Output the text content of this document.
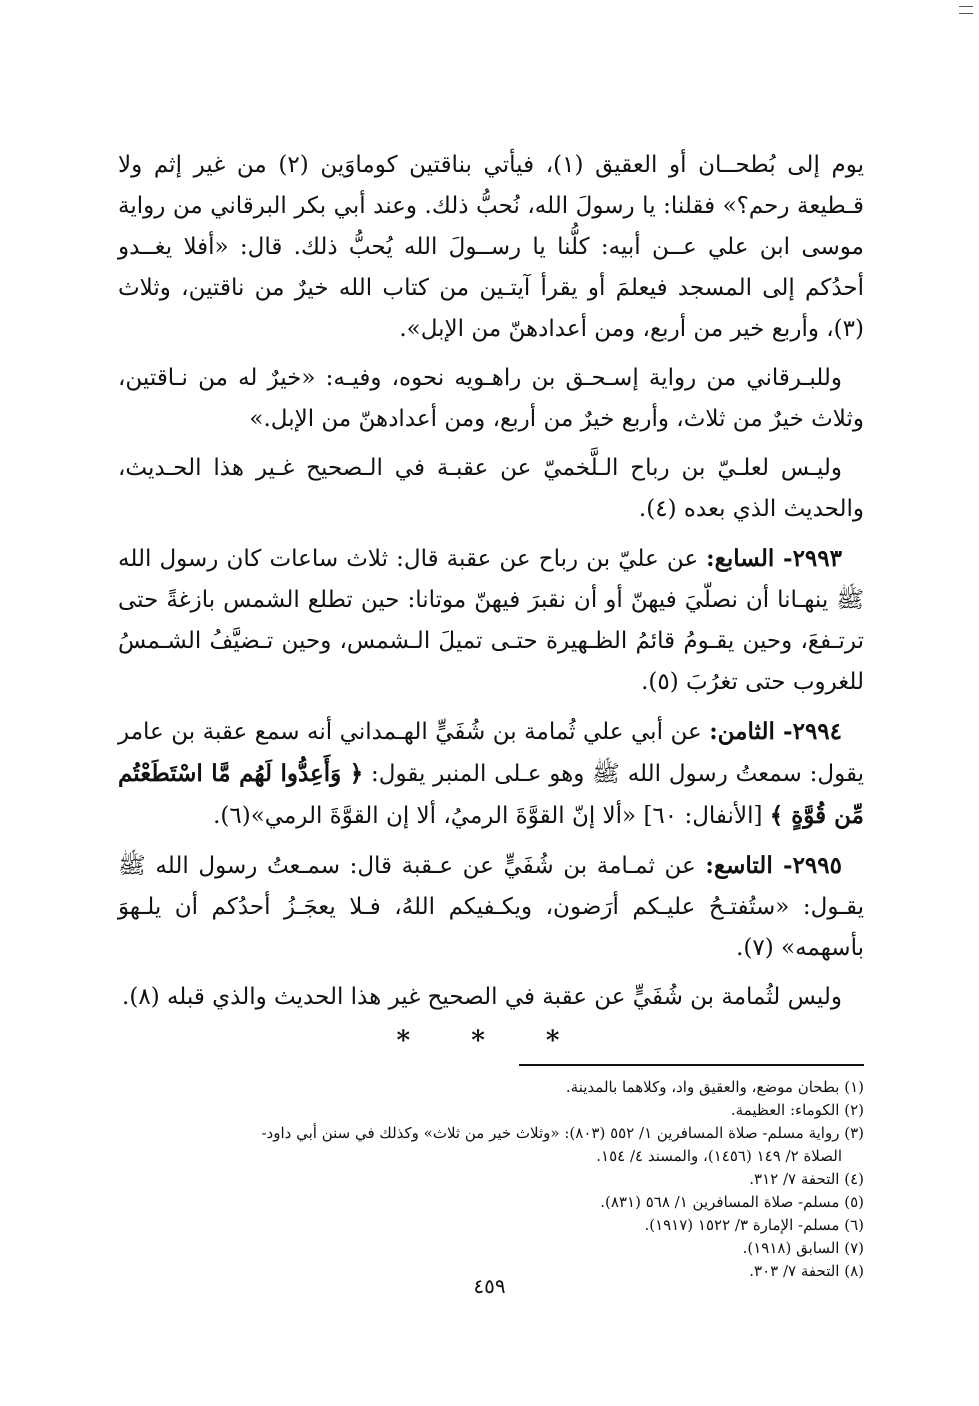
يوم إلى بُطحــان أو العقيق (١)، فيأتي بناقتين كوماوَين (٢) من غير إثم ولا قـطيعة رحم؟» فقلنا: يا رسولَ الله، نُحبُّ ذلك. وعند أبي بكر البرقاني من رواية موسى ابن علي عــن أبيه: كلُّنا يا رســولَ الله يُحبُّ ذلك. قال: «أفلا يغــدو أحدُكم إلى المسجد فيعلمَ أو يقرأ آيتـين من كتاب الله خيرٌ من ناقتين، وثلاث (٣)، وأربع خير من أربع، ومن أعدادهنّ من الإبل».

وللبـرقاني من رواية إسـحـق بن راهـويه نحوه، وفيـه: «خيرٌ له من نـاقتين، وثلاث خيرٌ من ثلاث، وأربع خيرٌ من أربع، ومن أعدادهنّ من الإبل.»

وليـس لعلـيّ بن رباح الـلَّخميّ عن عقبـة في الـصحيح غـير هذا الحـديث، والحديث الذي بعده (٤).

٢٩٩٣- السابع: عن عليّ بن رباح عن عقبة قال: ثلاث ساعات كان رسول الله ﷺ ينهـانا أن نصلّيَ فيهنّ أو أن نقبرَ فيهنّ موتانا: حين تطلع الشمس بازغةً حتى ترتـفعَ، وحين يقـومُ قائمُ الظـهيرة حتـى تميلَ الـشمس، وحين تـضيَّفُ الشـمسُ للغروب حتى تغرُبَ (٥).

٢٩٩٤- الثامن: عن أبي علي ثُمامة بن شُفَيٍّ الهـمداني أنه سمع عقبة بن عامر يقول: سمعتُ رسول الله ﷺ وهو عـلى المنبر يقول: ﴿ وَأَعِدُّوا لَهُم مَّا اسْتَطَعْتُم مِّن قُوَّةٍ ﴾ [الأنفال: ٦٠] «ألا إنّ القوَّةَ الرميُ، ألا إن القوَّةَ الرمي»(٦).

٢٩٩٥- التاسع: عن ثمـامة بن شُفَيٍّ عن عـقبة قال: سمـعتُ رسول الله ﷺ يقـول: «ستُفتـحُ عليـكم أرَضون، ويكـفيكم اللهُ، فـلا يعجَـزُ أحدُكم أن يلـهوَ بأسهمه» (٧).

وليس لثُمامة بن شُفَيٍّ عن عقبة في الصحيح غير هذا الحديث والذي قبله (٨).

* * *

(١) بطحان موضع، والعقيق واد، وكلاهما بالمدينة.

(٢) الكوماء: العظيمة.

(٣) رواية مسلم- صلاة المسافرين ١/ ٥٥٢ (٨٠٣): «وثلاث خير من ثلاث» وكذلك في سنن أبي داود-

الصلاة ٢/ ١٤٩ (١٤٥٦)، والمسند ٤/ ١٥٤.

(٤) التحفة ٧/ ٣١٢.

(٥) مسلم- صلاة المسافرين ١/ ٥٦٨ (٨٣١).

(٦) مسلم- الإمارة ٣/ ١٥٢٢ (١٩١٧).

(٧) السابق (١٩١٨).

(٨) التحفة ٧/ ٣٠٣.

٤٥٩
